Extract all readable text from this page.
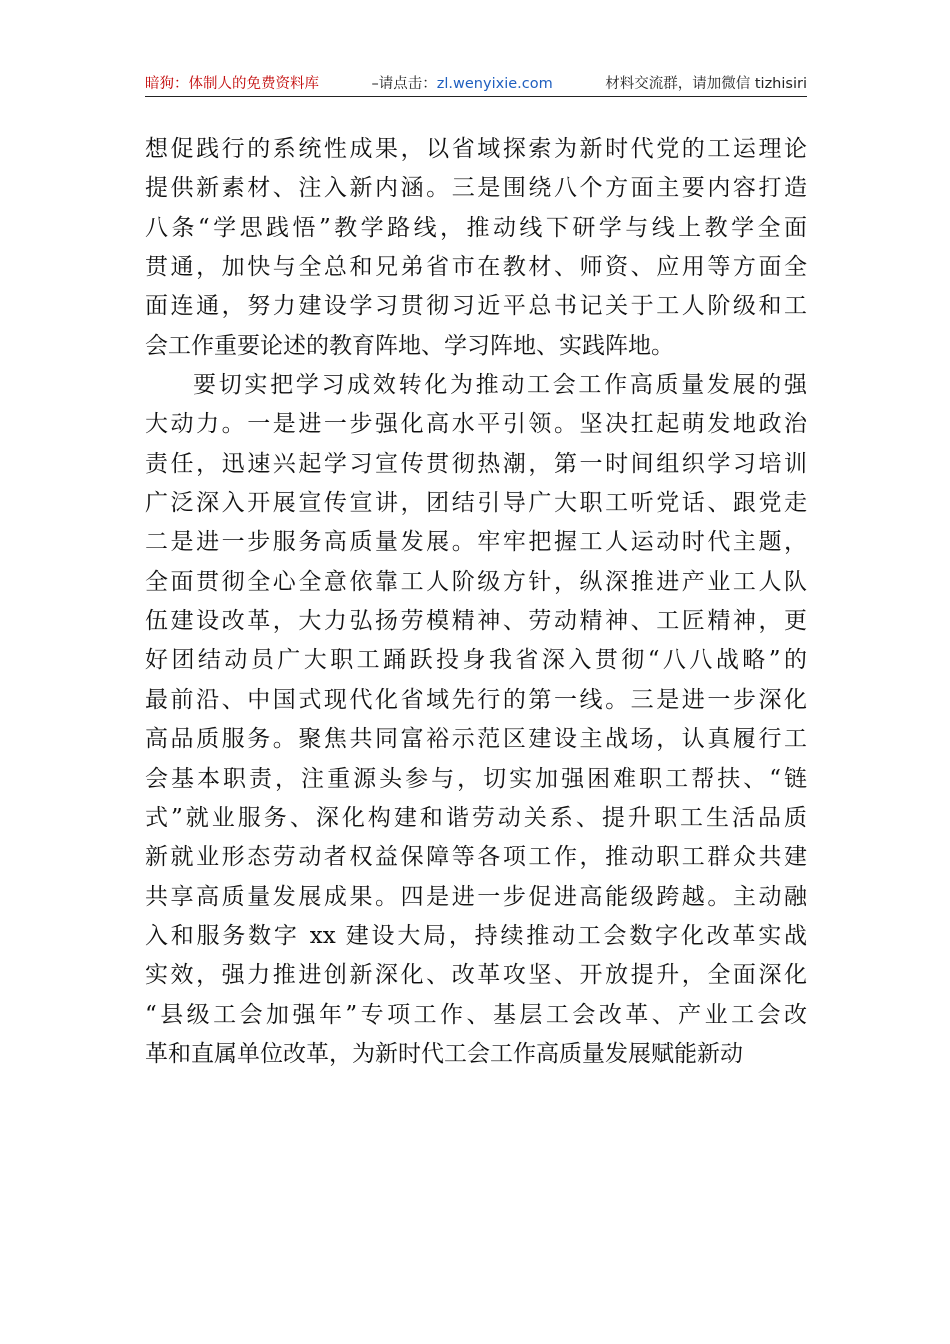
暗狗：体制人的免费资料库	–请点击：zl.wenyixie.com	材料交流群，请加微信 tizhisiri
想促践行的系统性成果，以省域探索为新时代党的工运理论
提供新素材、注入新内涵。三是围绕八个方面主要内容打造
八条“学思践悟”教学路线，推动线下研学与线上教学全面
贯通，加快与全总和兄弟省市在教材、师资、应用等方面全
面连通，努力建设学习贯彻习近平总书记关于工人阶级和工
会工作重要论述的教育阵地、学习阵地、实践阵地。
要切实把学习成效转化为推动工会工作高质量发展的强
大动力。一是进一步强化高水平引领。坚决扛起萌发地政治
责任，迅速兴起学习宣传贯彻热潮，第一时间组织学习培训
广泛深入开展宣传宣讲，团结引导广大职工听党话、跟党走
二是进一步服务高质量发展。牢牢把握工人运动时代主题，
全面贯彻全心全意依靠工人阶级方针，纵深推进产业工人队
伍建设改革，大力弘扬劳模精神、劳动精神、工匠精神，更
好团结动员广大职工踊跃投身我省深入贯彻“八八战略”的
最前沿、中国式现代化省域先行的第一线。三是进一步深化
高品质服务。聚焦共同富裕示范区建设主战场，认真履行工
会基本职责，注重源头参与，切实加强困难职工帮扶、“链
式”就业服务、深化构建和谐劳动关系、提升职工生活品质
新就业形态劳动者权益保障等各项工作，推动职工群众共建
共享高质量发展成果。四是进一步促进高能级跨越。主动融
入和服务数字 xx 建设大局，持续推动工会数字化改革实战
实效，强力推进创新深化、改革攻坚、开放提升，全面深化
“县级工会加强年”专项工作、基层工会改革、产业工会改
革和直属单位改革，为新时代工会工作高质量发展赋能新动
